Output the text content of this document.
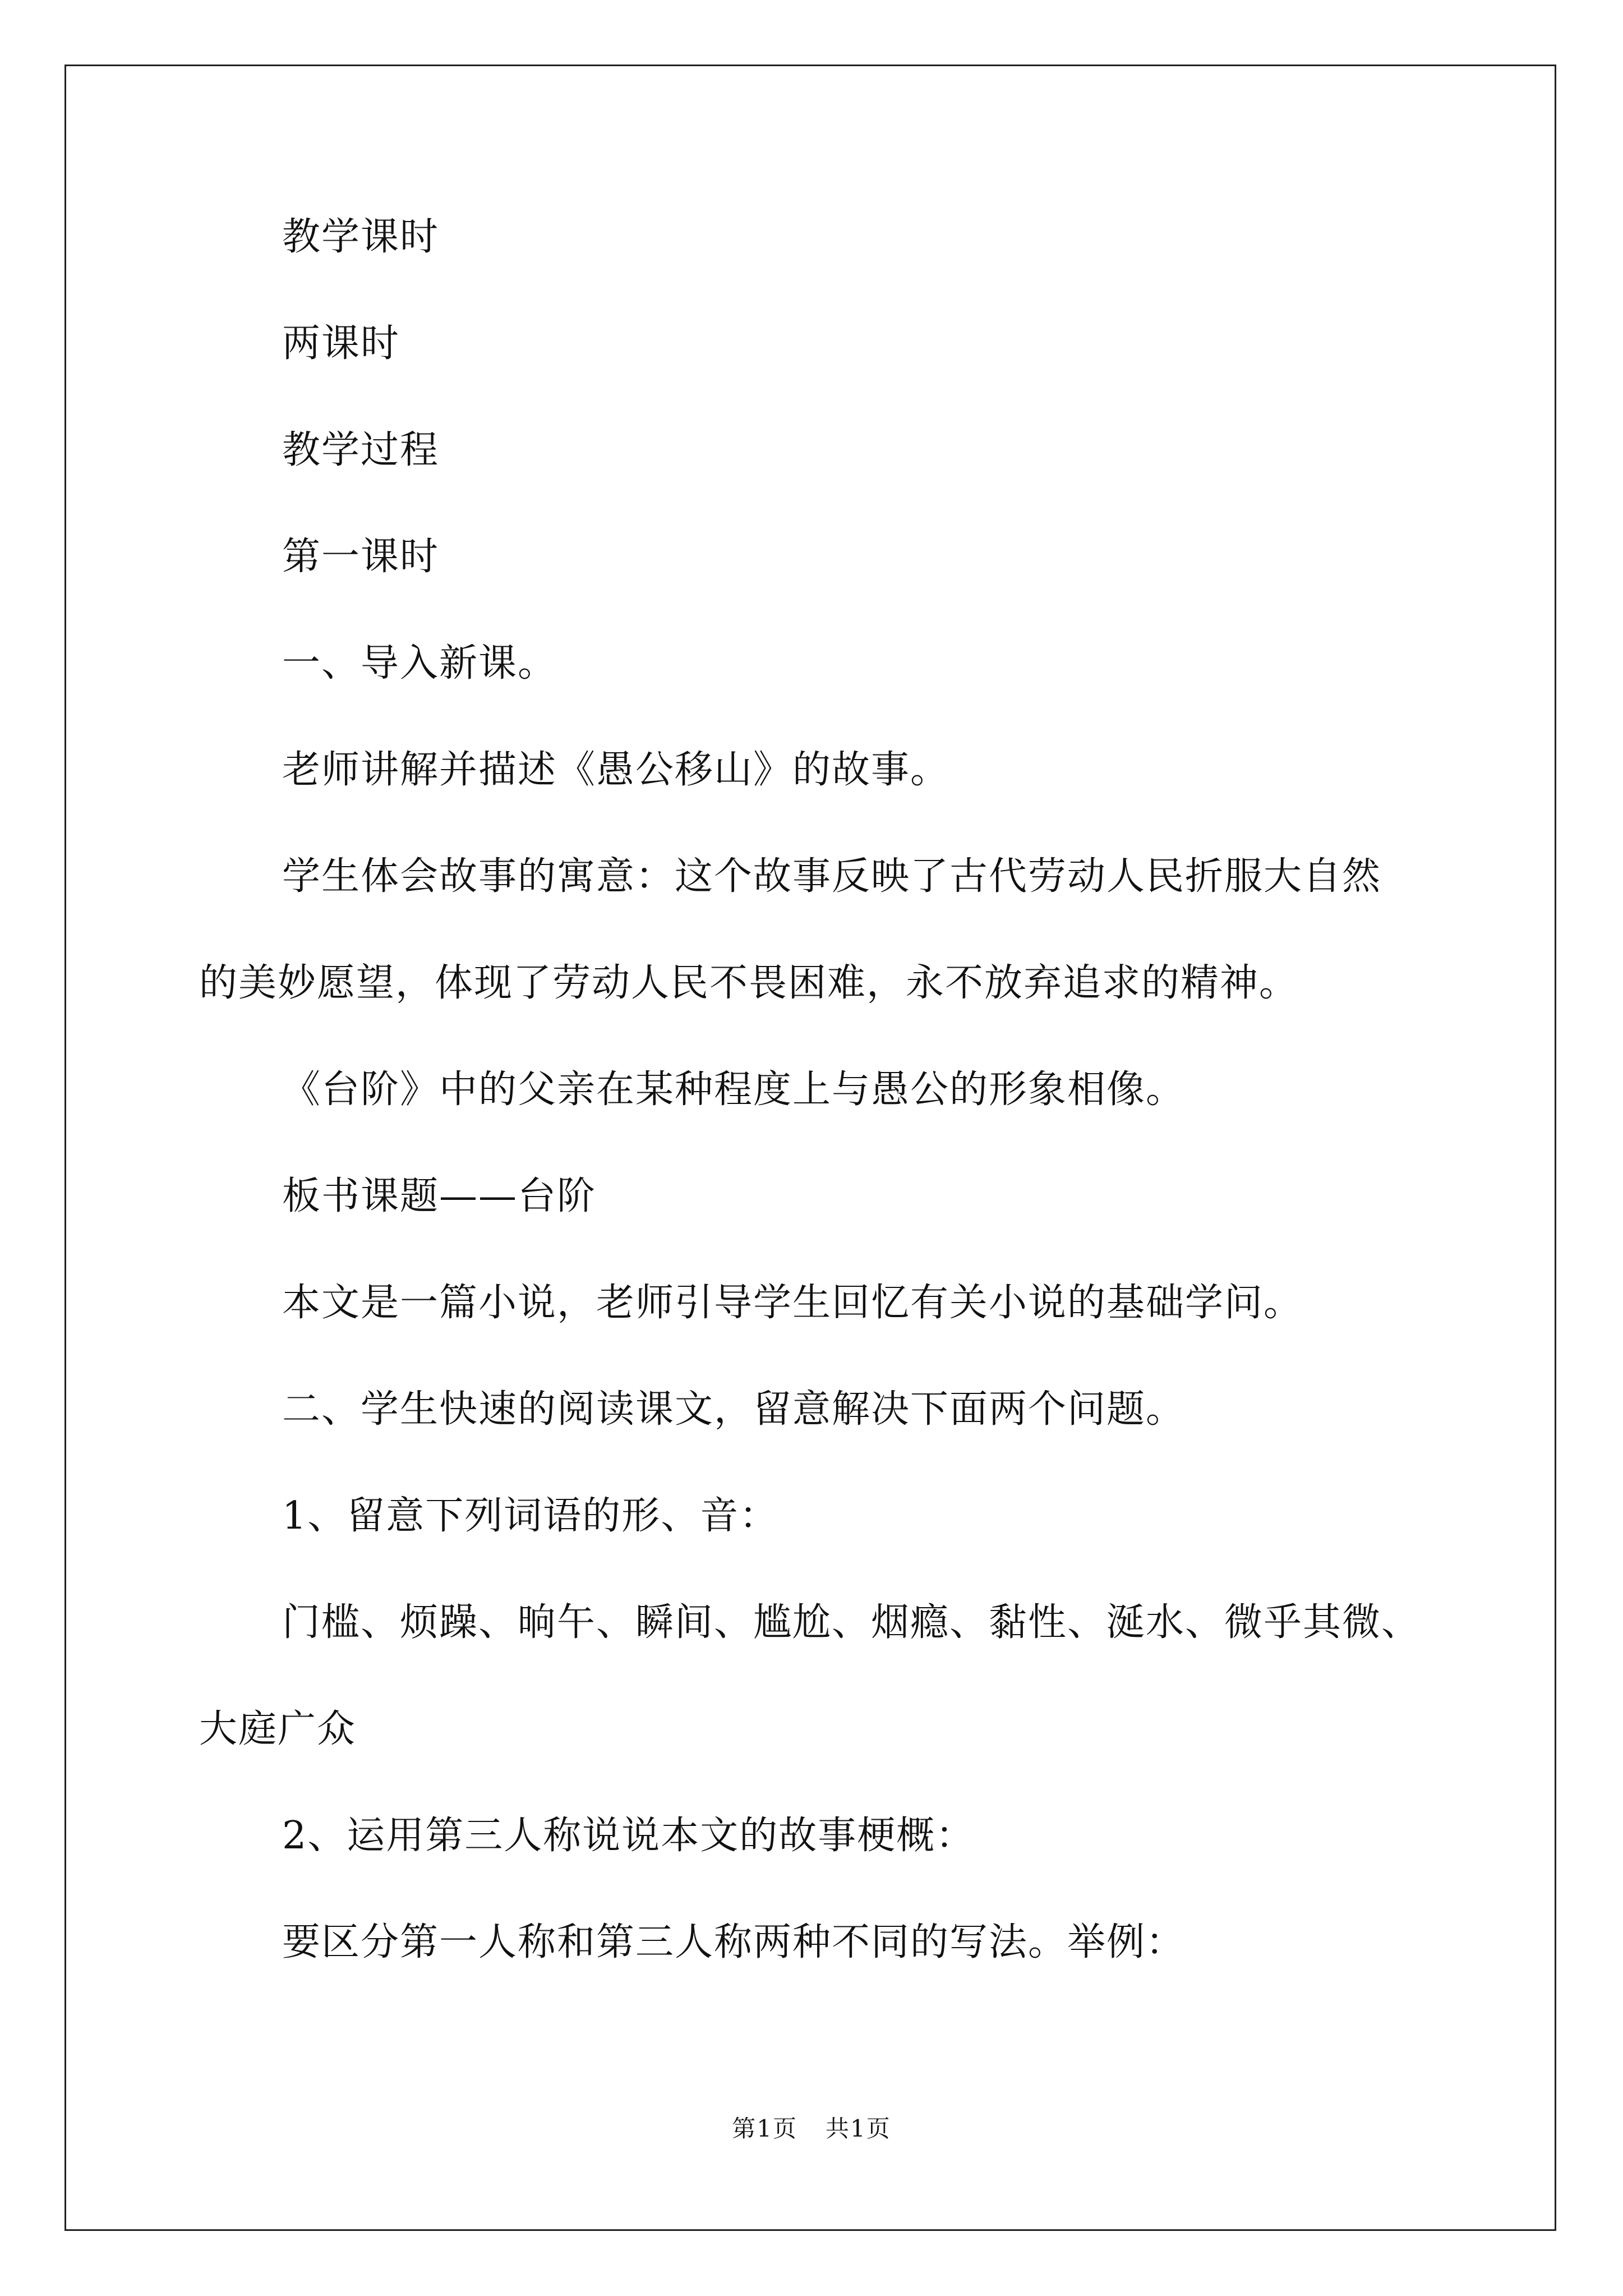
教学课时

两课时

教学过程

第一课时

一、导入新课。

老师讲解并描述《愚公移山》的故事。

学生体会故事的寓意：这个故事反映了古代劳动人民折服大自然
的美妙愿望，体现了劳动人民不畏困难，永不放弃追求的精神。

《台阶》中的父亲在某种程度上与愚公的形象相像。

板书课题——台阶

本文是一篇小说，老师引导学生回忆有关小说的基础学问。

二、学生快速的阅读课文，留意解决下面两个问题。

1、留意下列词语的形、音：

门槛、烦躁、晌午、瞬间、尴尬、烟瘾、黏性、涎水、微乎其微、
大庭广众

2、运用第三人称说说本文的故事梗概：

要区分第一人称和第三人称两种不同的写法。举例：

第1页 共1页
